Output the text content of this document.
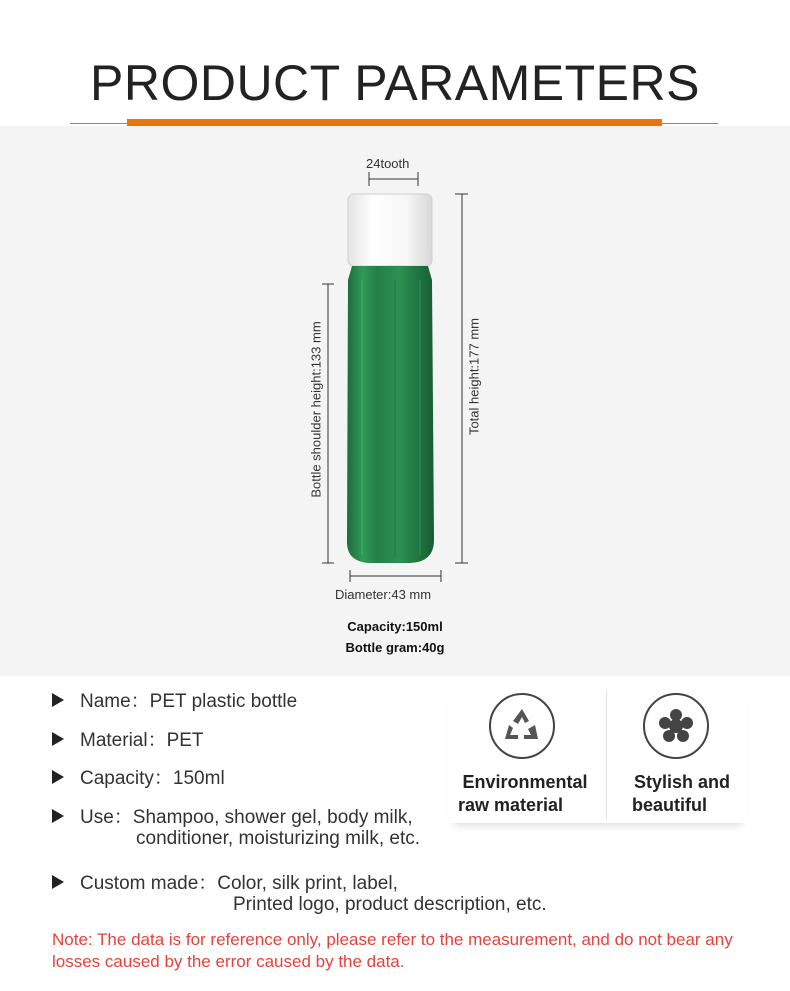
PRODUCT PARAMETERS
24tooth
Total height:177 mm
Bottle shoulder height:133 mm
Diameter:43 mm
Capacity:150ml
Bottle gram:40g
Name：PET plastic bottle
Material：PET
Capacity：150ml
Use：Shampoo, shower gel, body milk,
conditioner, moisturizing milk, etc.
Custom made：Color, silk print, label,
Printed logo, product description, etc.
Environmental
raw material
Stylish and
beautiful
Note: The data is for reference only, please refer to the measurement, and do not bear any losses caused by the error caused by the data.
